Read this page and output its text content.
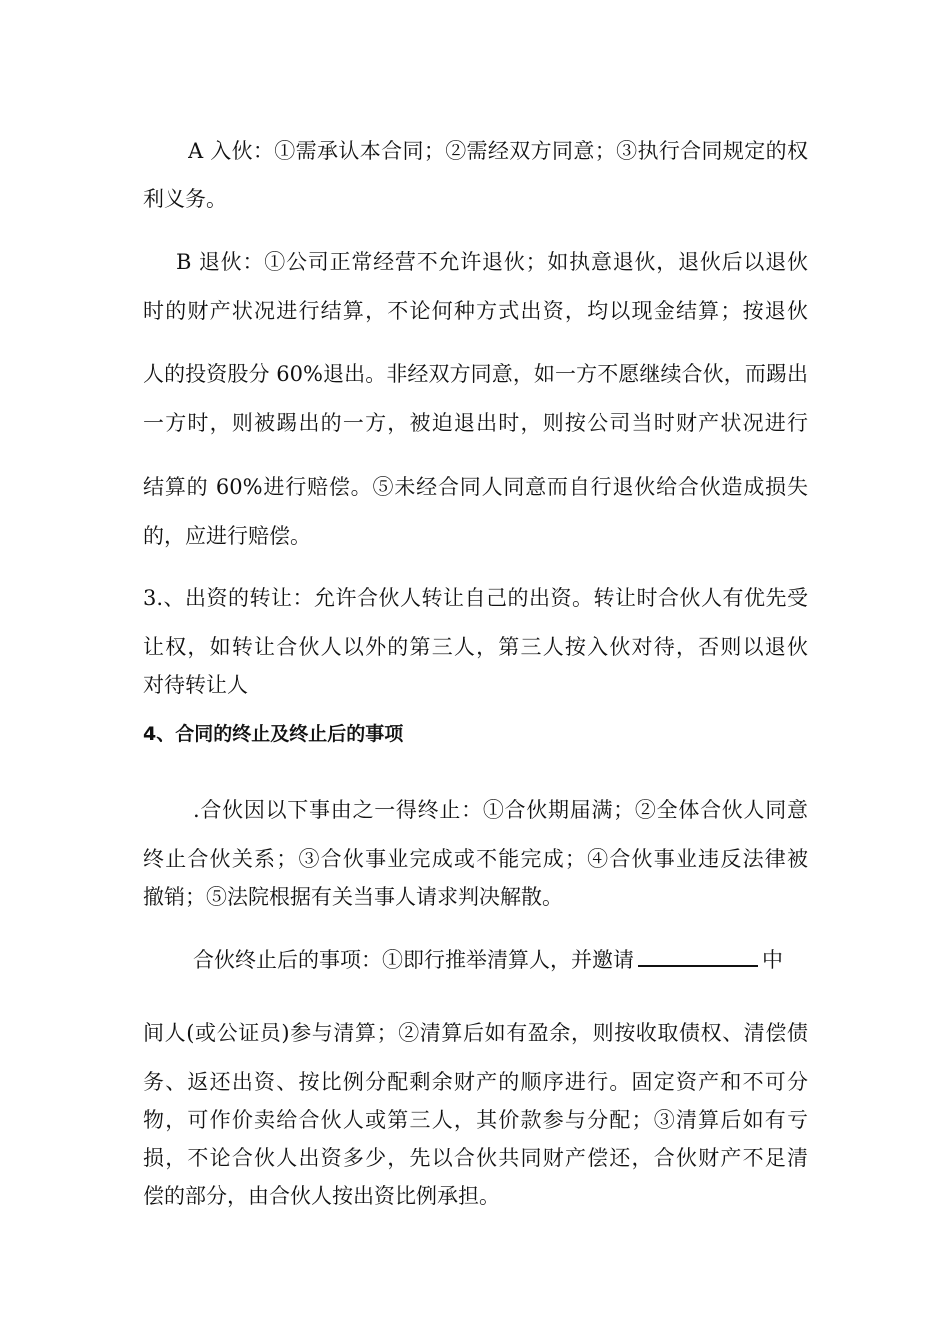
A 入伙：①需承认本合同；②需经双方同意；③执行合同规定的权
利义务。
B 退伙：①公司正常经营不允许退伙；如执意退伙，退伙后以退伙
时的财产状况进行结算，不论何种方式出资，均以现金结算；按退伙
人的投资股分 60%退出。非经双方同意，如一方不愿继续合伙，而踢出
一方时，则被踢出的一方，被迫退出时，则按公司当时财产状况进行
结算的 60%进行赔偿。⑤未经合同人同意而自行退伙给合伙造成损失
的，应进行赔偿。
3.、出资的转让：允许合伙人转让自己的出资。转让时合伙人有优先受
让权，如转让合伙人以外的第三人，第三人按入伙对待，否则以退伙
对待转让人
4、合同的终止及终止后的事项
.合伙因以下事由之一得终止：①合伙期届满；②全体合伙人同意
终止合伙关系；③合伙事业完成或不能完成；④合伙事业违反法律被
撤销；⑤法院根据有关当事人请求判决解散。
合伙终止后的事项：①即行推举清算人，并邀请	中
间人(或公证员)参与清算；②清算后如有盈余，则按收取债权、清偿债
务、返还出资、按比例分配剩余财产的顺序进行。固定资产和不可分
物，可作价卖给合伙人或第三人，其价款参与分配；③清算后如有亏
损，不论合伙人出资多少，先以合伙共同财产偿还，合伙财产不足清
偿的部分，由合伙人按出资比例承担。
